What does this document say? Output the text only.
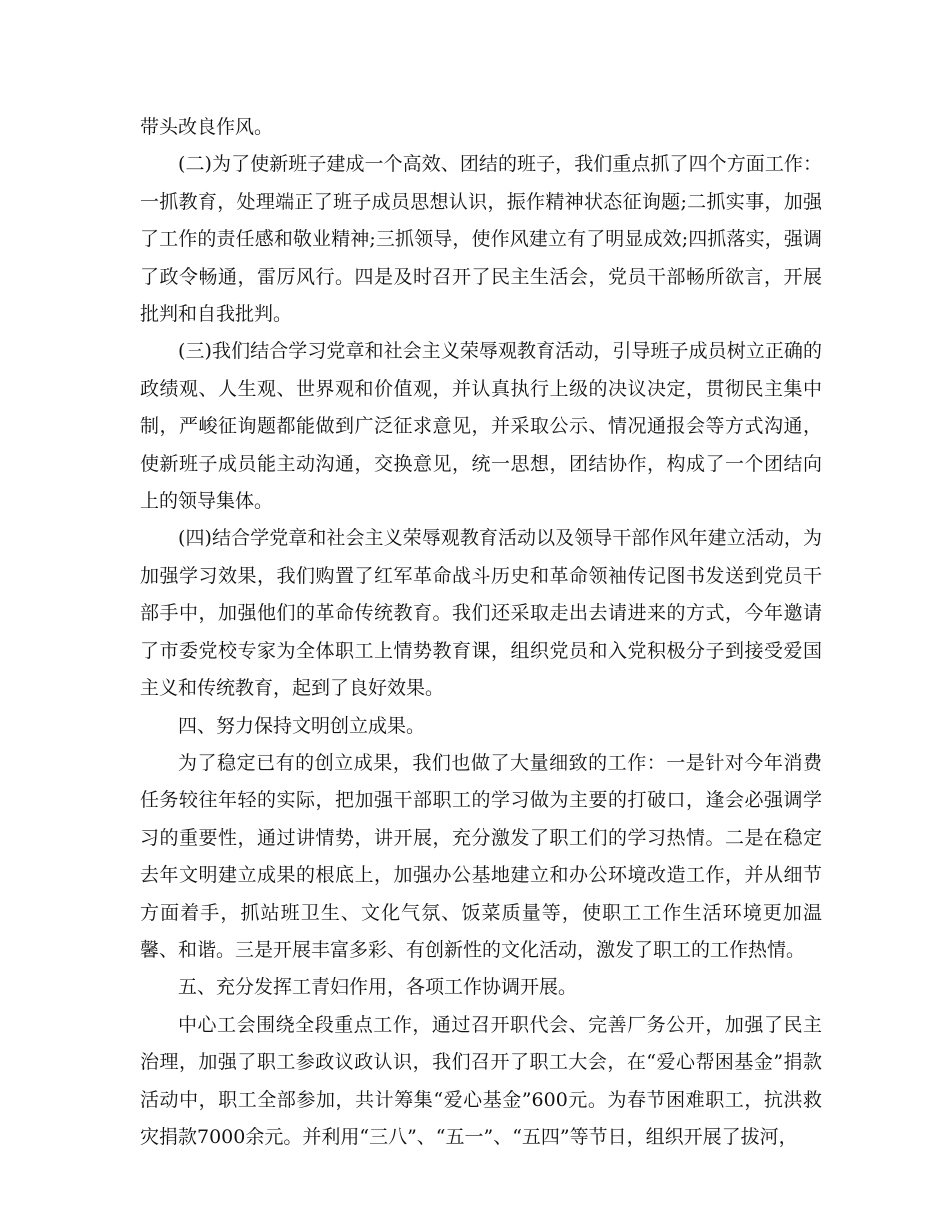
带头改良作风。

(二)为了使新班子建成一个高效、团结的班子，我们重点抓了四个方面工作：一抓教育，处理端正了班子成员思想认识，振作精神状态征询题;二抓实事，加强了工作的责任感和敬业精神;三抓领导，使作风建立有了明显成效;四抓落实，强调了政令畅通，雷厉风行。四是及时召开了民主生活会，党员干部畅所欲言，开展批判和自我批判。

(三)我们结合学习党章和社会主义荣辱观教育活动，引导班子成员树立正确的政绩观、人生观、世界观和价值观，并认真执行上级的决议决定，贯彻民主集中制，严峻征询题都能做到广泛征求意见，并采取公示、情况通报会等方式沟通，使新班子成员能主动沟通，交换意见，统一思想，团结协作，构成了一个团结向上的领导集体。

(四)结合学党章和社会主义荣辱观教育活动以及领导干部作风年建立活动，为加强学习效果，我们购置了红军革命战斗历史和革命领袖传记图书发送到党员干部手中，加强他们的革命传统教育。我们还采取走出去请进来的方式，今年邀请了市委党校专家为全体职工上情势教育课，组织党员和入党积极分子到接受爱国主义和传统教育，起到了良好效果。

四、努力保持文明创立成果。

为了稳定已有的创立成果，我们也做了大量细致的工作：一是针对今年消费任务较往年轻的实际，把加强干部职工的学习做为主要的打破口，逢会必强调学习的重要性，通过讲情势，讲开展，充分激发了职工们的学习热情。二是在稳定去年文明建立成果的根底上，加强办公基地建立和办公环境改造工作，并从细节方面着手，抓站班卫生、文化气氛、饭菜质量等，使职工工作生活环境更加温馨、和谐。三是开展丰富多彩、有创新性的文化活动，激发了职工的工作热情。

五、充分发挥工青妇作用，各项工作协调开展。

中心工会围绕全段重点工作，通过召开职代会、完善厂务公开，加强了民主治理，加强了职工参政议政认识，我们召开了职工大会，在“爱心帮困基金”捐款活动中，职工全部参加，共计筹集“爱心基金”600元。为春节困难职工，抗洪救灾捐款7000余元。并利用“三八”、“五一”、“五四”等节日，组织开展了拔河，
